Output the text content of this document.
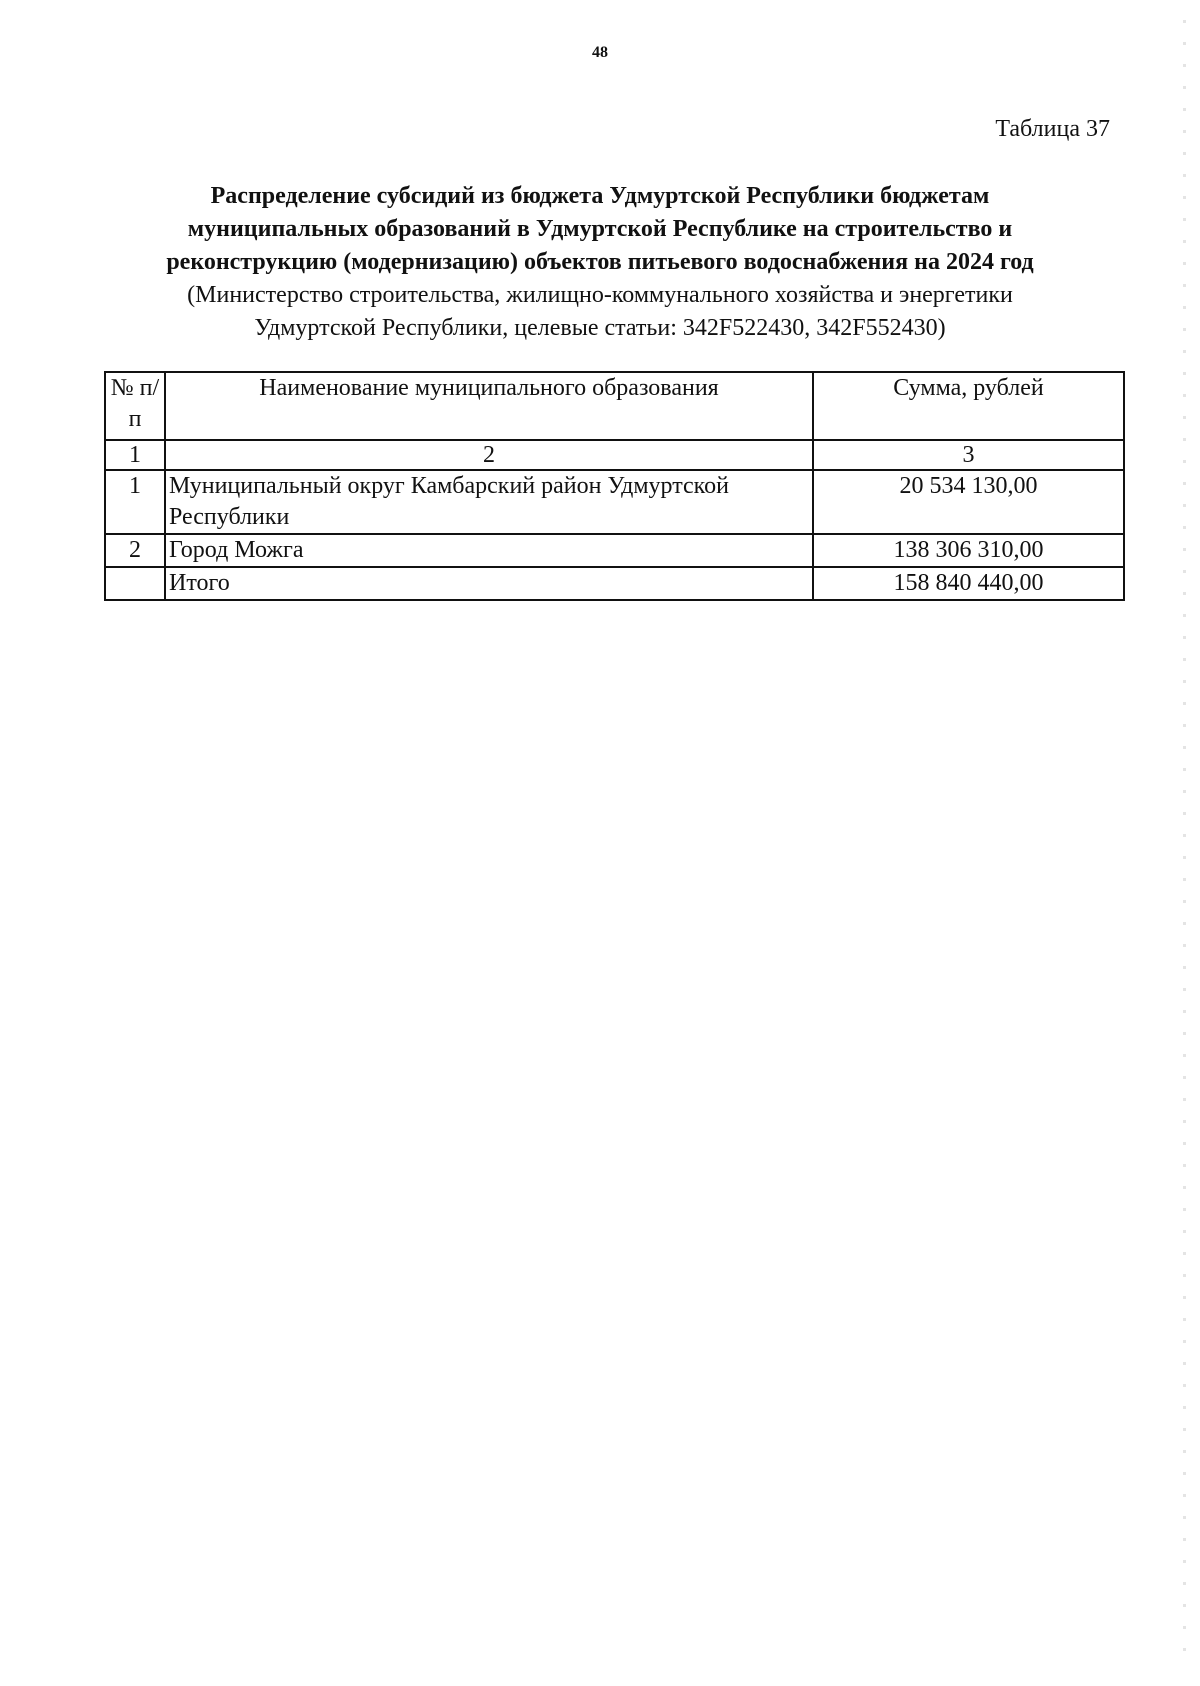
48
Таблица 37
Распределение субсидий из бюджета Удмуртской Республики бюджетам
муниципальных образований в Удмуртской Республике на строительство и
реконструкцию (модернизацию) объектов питьевого водоснабжения на 2024 год
(Министерство строительства, жилищно-коммунального хозяйства и энергетики
Удмуртской Республики, целевые статьи: 342F522430, 342F552430)
№ п/п	Наименование муниципального образования	Сумма, рублей
1	2	3
1	Муниципальный округ Камбарский район Удмуртской Республики	20 534 130,00
2	Город Можга	138 306 310,00
	Итого	158 840 440,00
